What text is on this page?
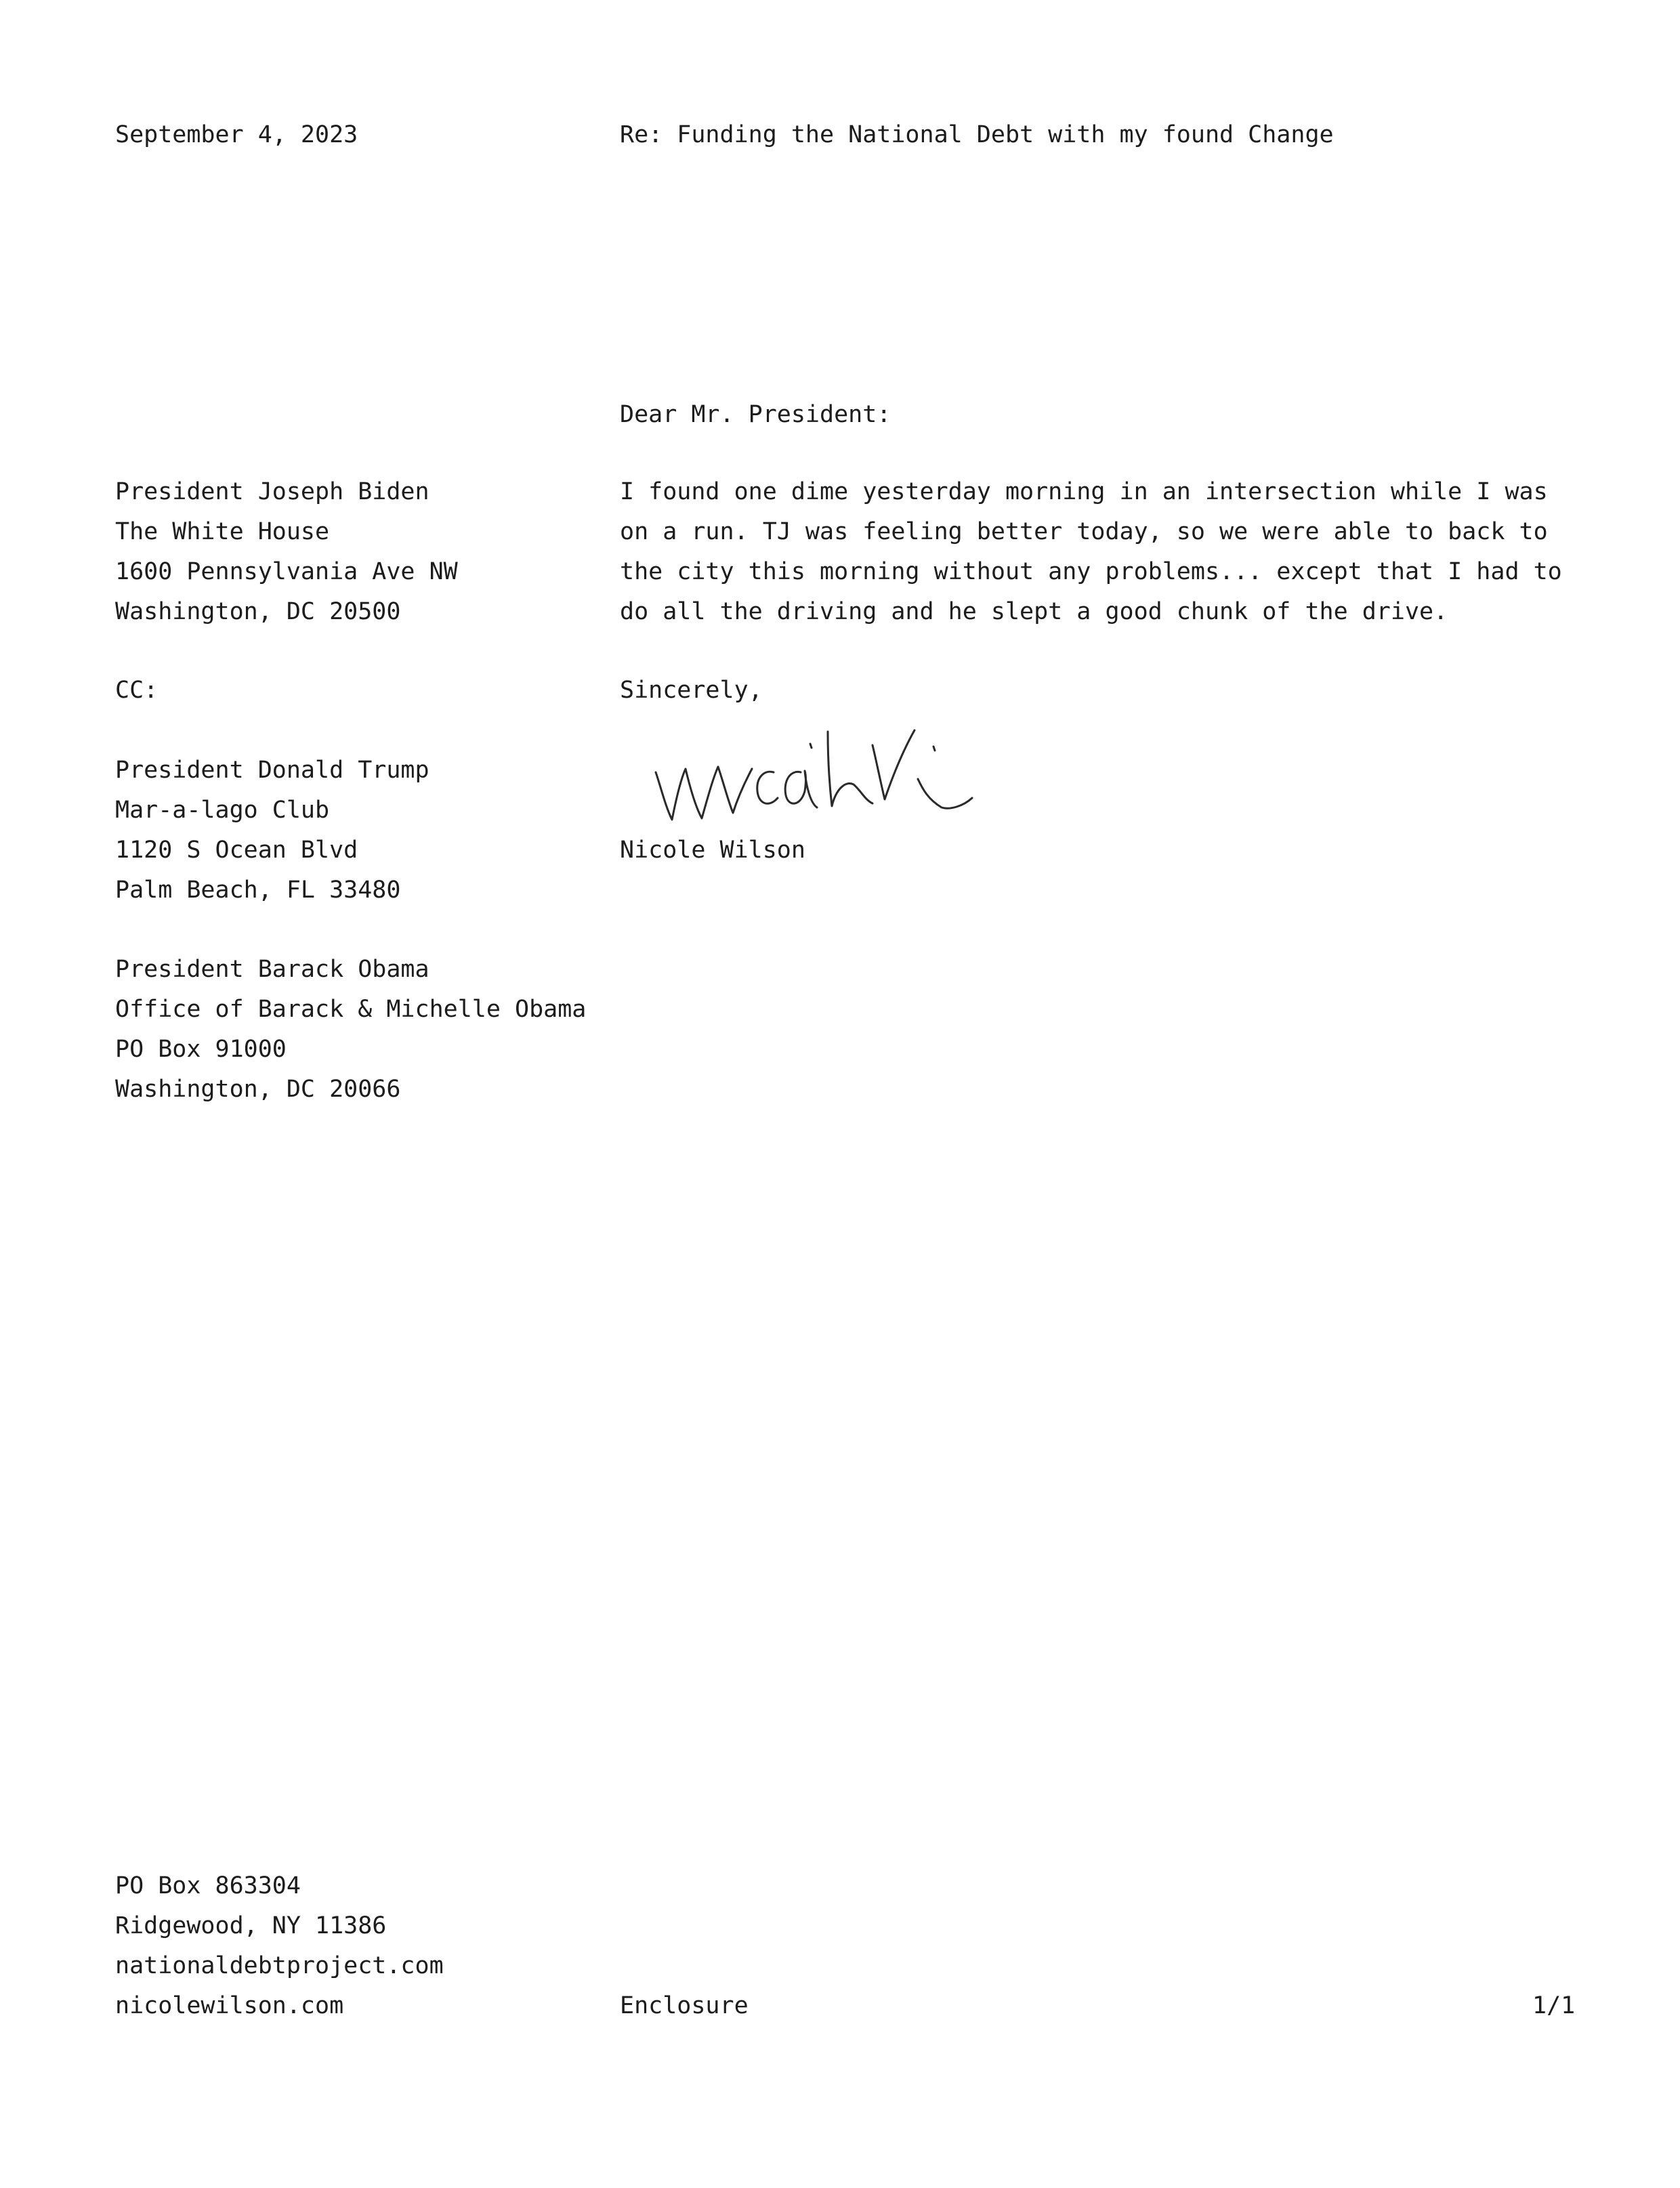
September 4, 2023	Re: Funding the National Debt with my found Change
Dear Mr. President:
President Joseph Biden
The White House
1600 Pennsylvania Ave NW
Washington, DC 20500
I found one dime yesterday morning in an intersection while I was
on a run. TJ was feeling better today, so we were able to back to
the city this morning without any problems... except that I had to
do all the driving and he slept a good chunk of the drive.
CC:	Sincerely,
President Donald Trump
Mar-a-lago Club
1120 S Ocean Blvd
Palm Beach, FL 33480
Nicole Wilson
President Barack Obama
Office of Barack & Michelle Obama
PO Box 91000
Washington, DC 20066
PO Box 863304
Ridgewood, NY 11386
nationaldebtproject.com
nicolewilson.com	Enclosure	1/1
